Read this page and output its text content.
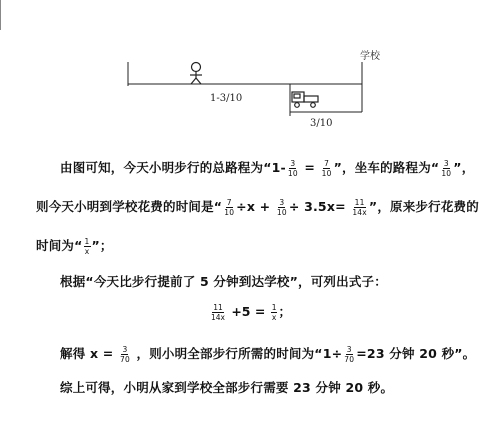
学校
1-3/10
3/10
由图可知，今天小明步行的总路程为“$1- \frac{3}{10} = \frac{7}{10}$ ”，坐车的路程为“ $\frac{3}{10}$ ”，
则今天小明到学校花费的时间是“ $\frac{7}{10} \div x + \frac{3}{10} \div 3.5x= \frac{11}{14x}$ ”，原来步行花费的
时间为“ $\frac{1}{x}$ ”；
根据“今天比步行提前了 5 分钟到达学校”，可列出式子：
$\frac{11}{14x} +5 = \frac{1}{x}$ ；
解得 $x = \frac{3}{70}$ ，则小明全部步行所需的时间为“$1\div \frac{3}{70} =23$ 分钟 20 秒”。
综上可得，小明从家到学校全部步行需要 23 分钟 20 秒。
